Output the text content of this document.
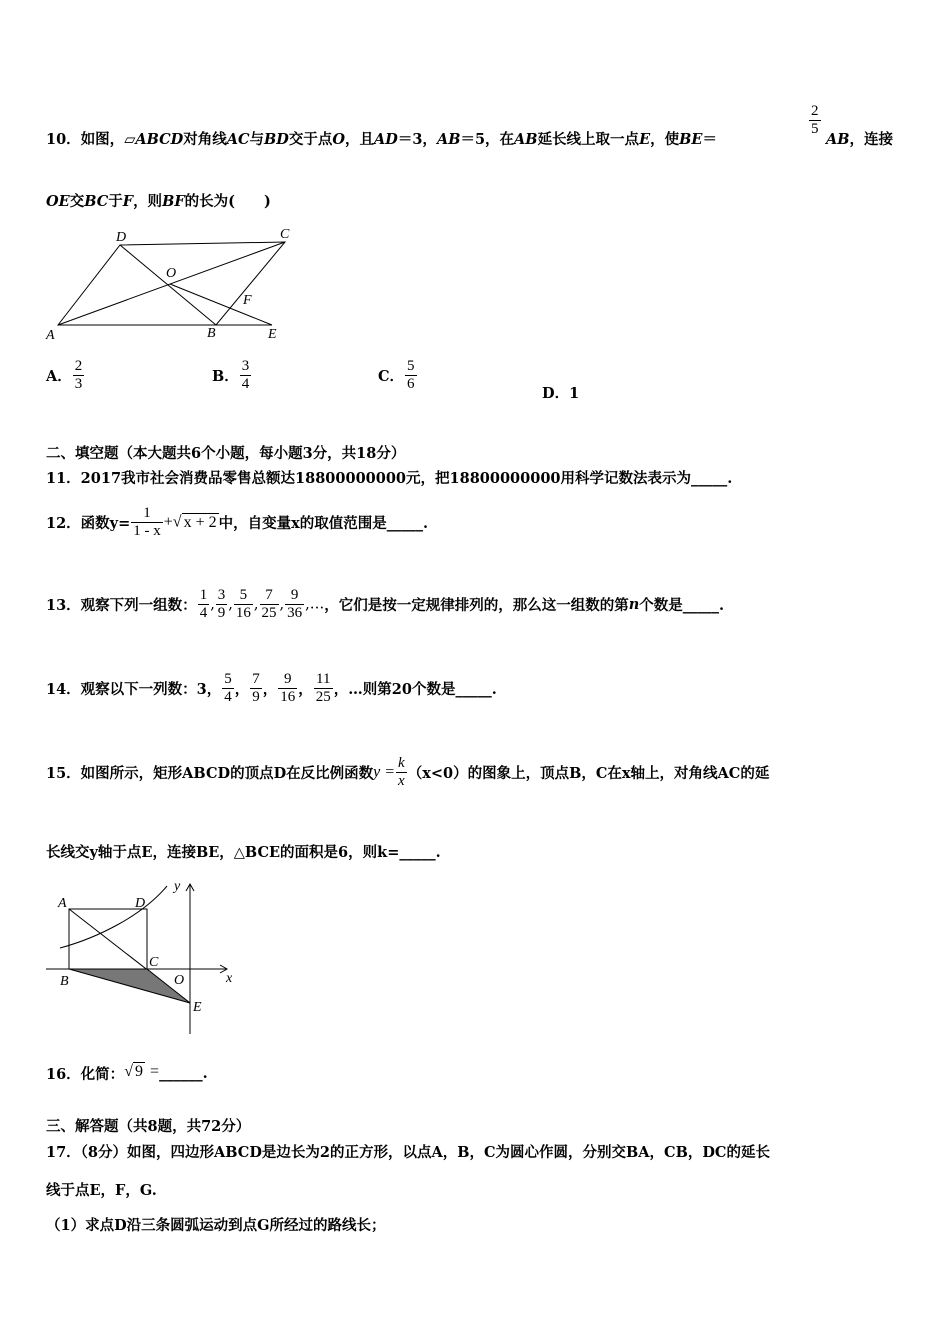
10．如图，▱ABCD对角线AC与BD交于点O，且AD＝3，AB＝5，在AB延长线上取一点E，使BE＝
$\frac{2}{5}$
AB，连接
OE交BC于F，则BF的长为(　　)
D	C
O
F
A	B	E
A． $\frac{2}{3}$	B． $\frac{3}{4}$	C． $\frac{5}{6}$
D．1
二、填空题（本大题共6个小题，每小题3分，共18分）
11．2017我市社会消费品零售总额达18800000000元，把18800000000用科学记数法表示为_____.
12．函数$y= \frac{1}{1 - x}$ +√ x + 2 中，自变量x的取值范围是_____.
13．观察下列一组数： $\frac{1}{4}$ , $\frac{3}{9}$ , $\frac{5}{16}$ , $\frac{7}{25}$ , $\frac{9}{36}$ ,…，它们是按一定规律排列的，那么这一组数的第n个数是_____.
14．观察以下一列数：3， $\frac{5}{4}$ ， $\frac{7}{9}$ ， $\frac{9}{16}$ ， $\frac{11}{25}$ ，…则第20个数是_____.
15．如图所示，矩形ABCD的顶点D在反比例函数$y = \frac{k}{x} (x<0)$的图象上，顶点B，C在x轴上，对角线AC的延
长线交y轴于点E，连接BE，△BCE的面积是6，则k=_____.
A	D
y
C
B	O	x
E
16．化简：√ 9 =______.
三、解答题（共8题，共72分）
17．（8分）如图，四边形ABCD是边长为2的正方形，以点A，B，C为圆心作圆，分别交BA，CB，DC的延长
线于点E，F，G.
（1）求点D沿三条圆弧运动到点G所经过的路线长；
